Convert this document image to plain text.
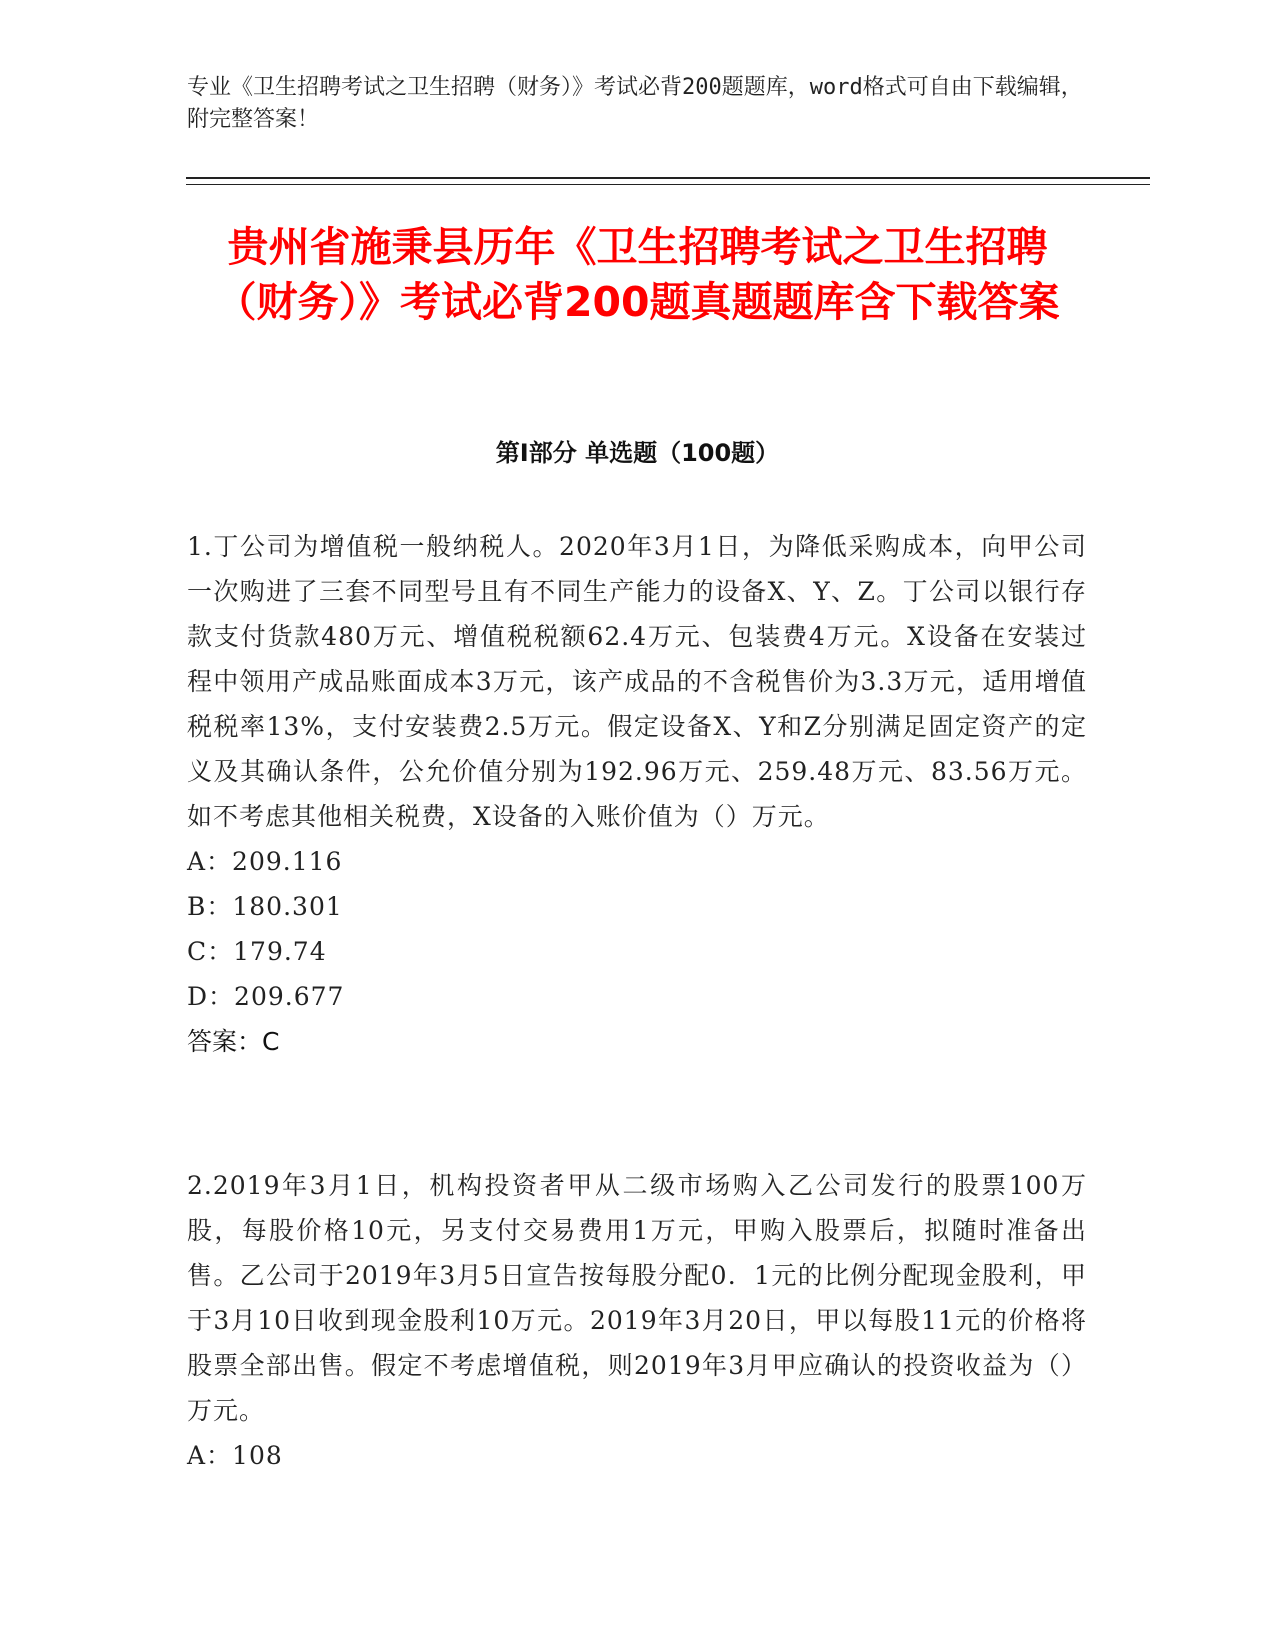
专业《卫生招聘考试之卫生招聘（财务）》考试必背200题题库，word格式可自由下载编辑，附完整答案！
贵州省施秉县历年《卫生招聘考试之卫生招聘（财务）》考试必背200题真题题库含下载答案
第Ⅰ部分 单选题（100题）
1.丁公司为增值税一般纳税人。2020年3月1日，为降低采购成本，向甲公司一次购进了三套不同型号且有不同生产能力的设备X、Y、Z。丁公司以银行存款支付货款480万元、增值税税额62.4万元、包装费4万元。X设备在安装过程中领用产成品账面成本3万元，该产成品的不含税售价为3.3万元，适用增值税税率13%，支付安装费2.5万元。假定设备X、Y和Z分别满足固定资产的定义及其确认条件，公允价值分别为192.96万元、259.48万元、83.56万元。如不考虑其他相关税费，X设备的入账价值为（）万元。
A：209.116
B：180.301
C：179.74
D：209.677
答案：C
2.2019年3月1日，机构投资者甲从二级市场购入乙公司发行的股票100万股，每股价格10元，另支付交易费用1万元，甲购入股票后，拟随时准备出售。乙公司于2019年3月5日宣告按每股分配0．1元的比例分配现金股利，甲于3月10日收到现金股利10万元。2019年3月20日，甲以每股11元的价格将股票全部出售。假定不考虑增值税，则2019年3月甲应确认的投资收益为（）万元。
A：108
